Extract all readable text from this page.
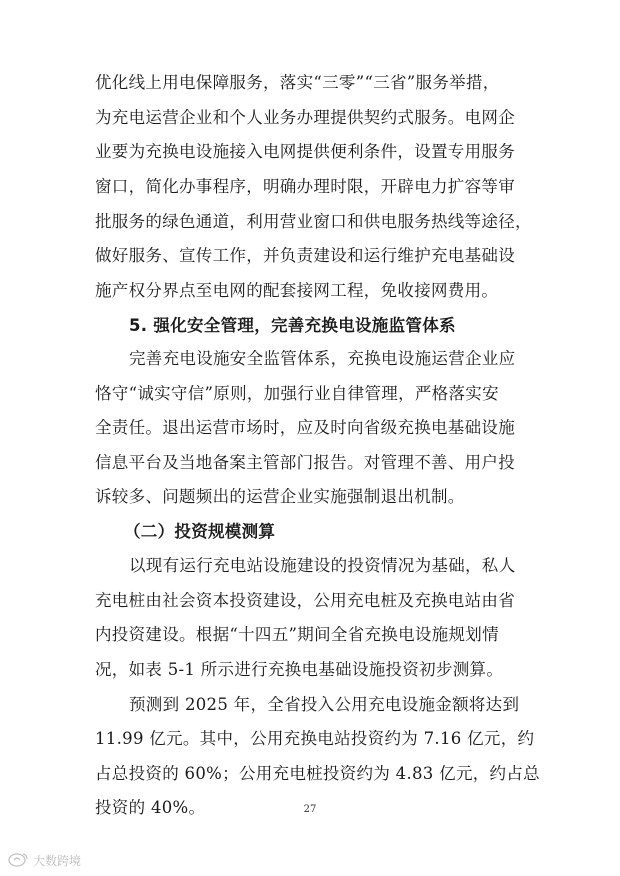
优化线上用电保障服务，落实“三零”“三省”服务举措，
为充电运营企业和个人业务办理提供契约式服务。电网企
业要为充换电设施接入电网提供便利条件，设置专用服务
窗口，简化办事程序，明确办理时限，开辟电力扩容等审
批服务的绿色通道，利用营业窗口和供电服务热线等途径，
做好服务、宣传工作，并负责建设和运行维护充电基础设
施产权分界点至电网的配套接网工程，免收接网费用。
5. 强化安全管理，完善充换电设施监管体系
完善充电设施安全监管体系，充换电设施运营企业应
恪守“诚实守信”原则，加强行业自律管理，严格落实安
全责任。退出运营市场时，应及时向省级充换电基础设施
信息平台及当地备案主管部门报告。对管理不善、用户投
诉较多、问题频出的运营企业实施强制退出机制。
（二）投资规模测算
以现有运行充电站设施建设的投资情况为基础，私人
充电桩由社会资本投资建设，公用充电桩及充换电站由省
内投资建设。根据“十四五”期间全省充换电设施规划情
况，如表 5-1 所示进行充换电基础设施投资初步测算。
预测到 2025 年，全省投入公用充电设施金额将达到
11.99 亿元。其中，公用充换电站投资约为 7.16 亿元，约
占总投资的 60%；公用充电桩投资约为 4.83 亿元，约占总
投资的 40%。	27
大数跨境
